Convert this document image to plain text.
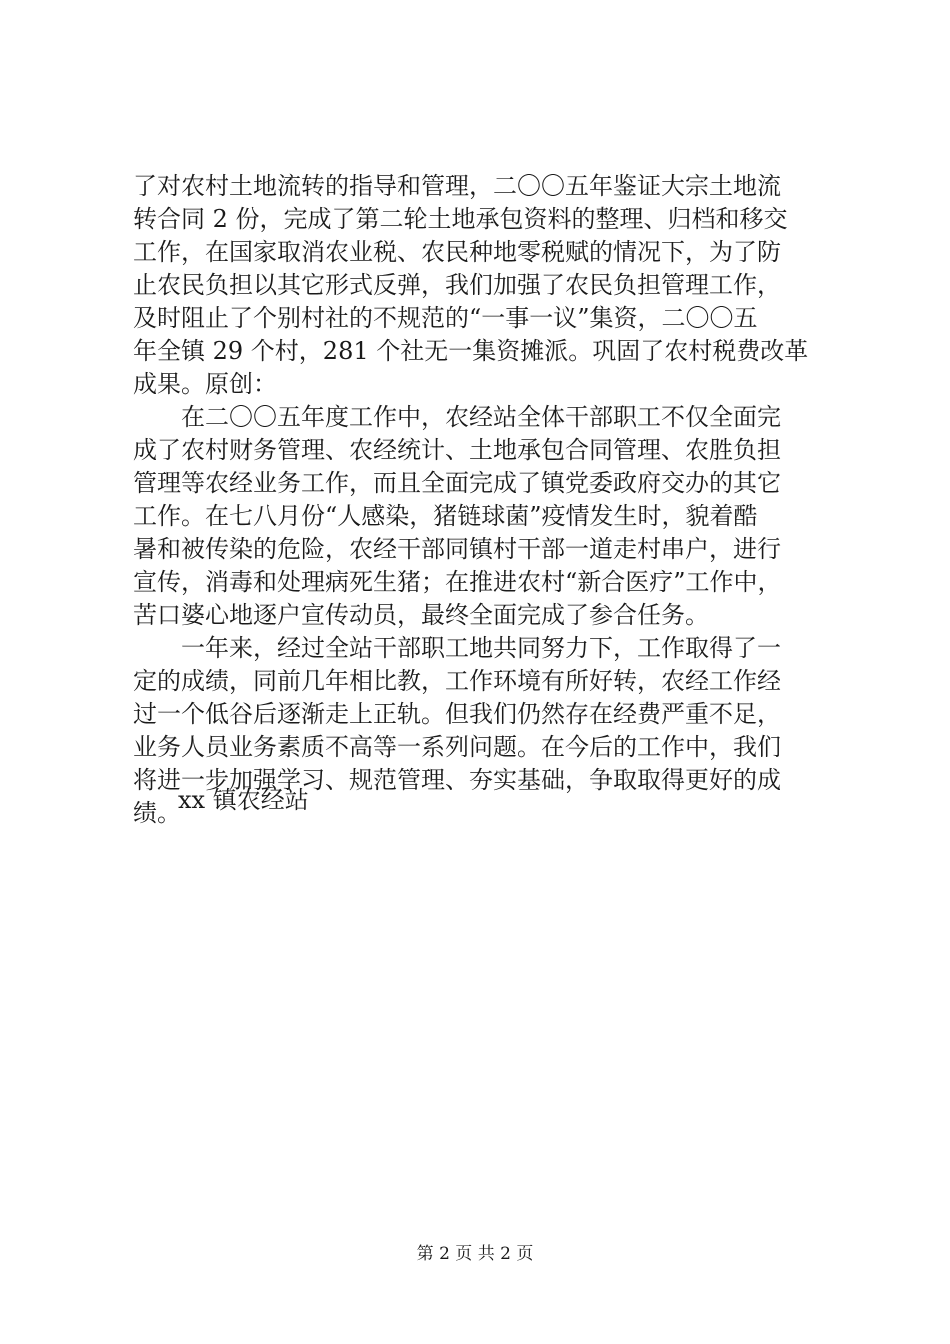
了对农村土地流转的指导和管理，二〇〇五年鉴证大宗土地流
转合同 2 份，完成了第二轮土地承包资料的整理、归档和移交
工作，在国家取消农业税、农民种地零税赋的情况下，为了防
止农民负担以其它形式反弹，我们加强了农民负担管理工作，
及时阻止了个别村社的不规范的“一事一议”集资，二〇〇五
年全镇 29 个村，281 个社无一集资摊派。巩固了农村税费改革
成果。原创：
　　在二〇〇五年度工作中，农经站全体干部职工不仅全面完
成了农村财务管理、农经统计、土地承包合同管理、农胜负担
管理等农经业务工作，而且全面完成了镇党委政府交办的其它
工作。在七八月份“人感染，猪链球菌”疫情发生时，貌着酷
暑和被传染的危险，农经干部同镇村干部一道走村串户，进行
宣传，消毒和处理病死生猪；在推进农村“新合医疗”工作中，
苦口婆心地逐户宣传动员，最终全面完成了参合任务。
　　一年来，经过全站干部职工地共同努力下，工作取得了一
定的成绩，同前几年相比教，工作环境有所好转，农经工作经
过一个低谷后逐渐走上正轨。但我们仍然存在经费严重不足，
业务人员业务素质不高等一系列问题。在今后的工作中，我们
将进一步加强学习、规范管理、夯实基础，争取取得更好的成
绩。
xx 镇农经站
第 2 页 共 2 页
